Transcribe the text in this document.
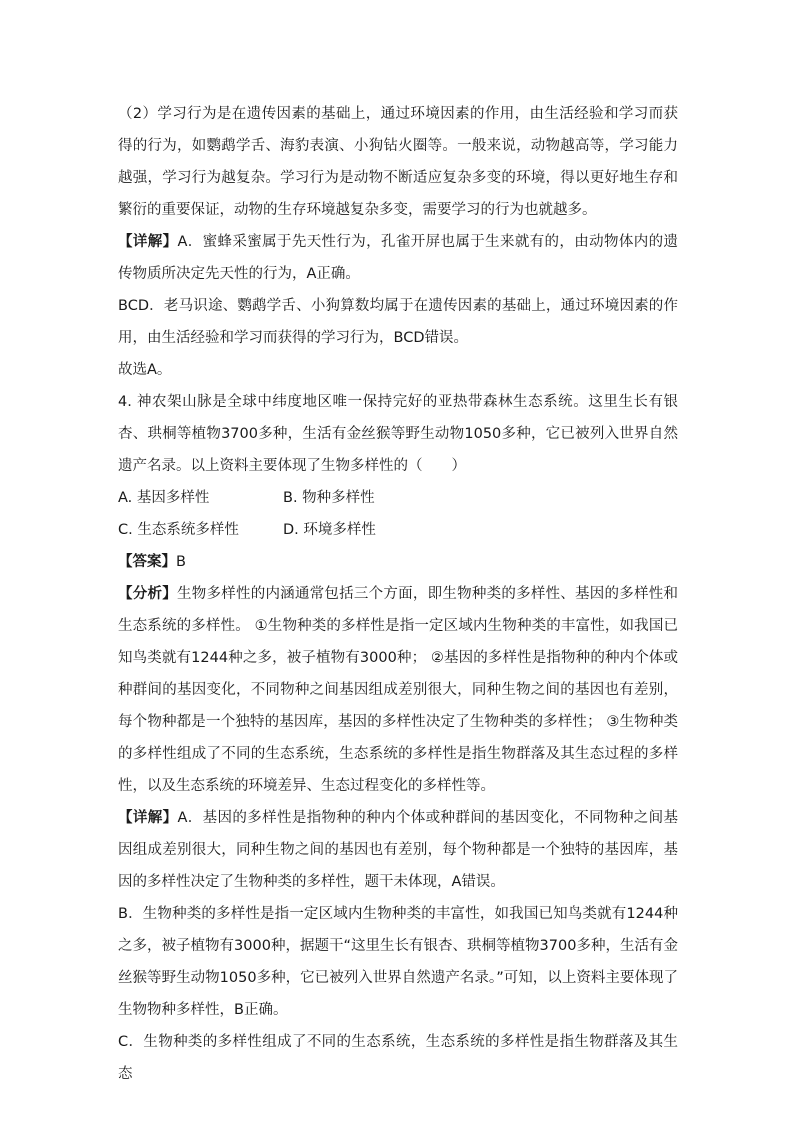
（2）学习行为是在遗传因素的基础上，通过环境因素的作用，由生活经验和学习而获得的行为，如鹦鹉学舌、海豹表演、小狗钻火圈等。一般来说，动物越高等，学习能力越强，学习行为越复杂。学习行为是动物不断适应复杂多变的环境，得以更好地生存和繁衍的重要保证，动物的生存环境越复杂多变，需要学习的行为也就越多。

【详解】A．蜜蜂采蜜属于先天性行为，孔雀开屏也属于生来就有的，由动物体内的遗传物质所决定先天性的行为，A正确。

BCD．老马识途、鹦鹉学舌、小狗算数均属于在遗传因素的基础上，通过环境因素的作用，由生活经验和学习而获得的学习行为，BCD错误。

故选A。

4. 神农架山脉是全球中纬度地区唯一保持完好的亚热带森林生态系统。这里生长有银杏、珙桐等植物3700多种，生活有金丝猴等野生动物1050多种，它已被列入世界自然遗产名录。以上资料主要体现了生物多样性的（　　）

A. 基因多样性	B. 物种多样性
C. 生态系统多样性	D. 环境多样性

【答案】B

【分析】生物多样性的内涵通常包括三个方面，即生物种类的多样性、基因的多样性和生态系统的多样性。 ①生物种类的多样性是指一定区域内生物种类的丰富性，如我国已知鸟类就有1244种之多，被子植物有3000种； ②基因的多样性是指物种的种内个体或种群间的基因变化，不同物种之间基因组成差别很大，同种生物之间的基因也有差别，每个物种都是一个独特的基因库，基因的多样性决定了生物种类的多样性； ③生物种类的多样性组成了不同的生态系统，生态系统的多样性是指生物群落及其生态过程的多样性，以及生态系统的环境差异、生态过程变化的多样性等。

【详解】A．基因的多样性是指物种的种内个体或种群间的基因变化，不同物种之间基因组成差别很大，同种生物之间的基因也有差别，每个物种都是一个独特的基因库，基因的多样性决定了生物种类的多样性，题干未体现，A错误。

B．生物种类的多样性是指一定区域内生物种类的丰富性，如我国已知鸟类就有1244种之多，被子植物有3000种，据题干“这里生长有银杏、珙桐等植物3700多种，生活有金丝猴等野生动物1050多种，它已被列入世界自然遗产名录。”可知，以上资料主要体现了生物物种多样性，B正确。

C．生物种类的多样性组成了不同的生态系统，生态系统的多样性是指生物群落及其生态
